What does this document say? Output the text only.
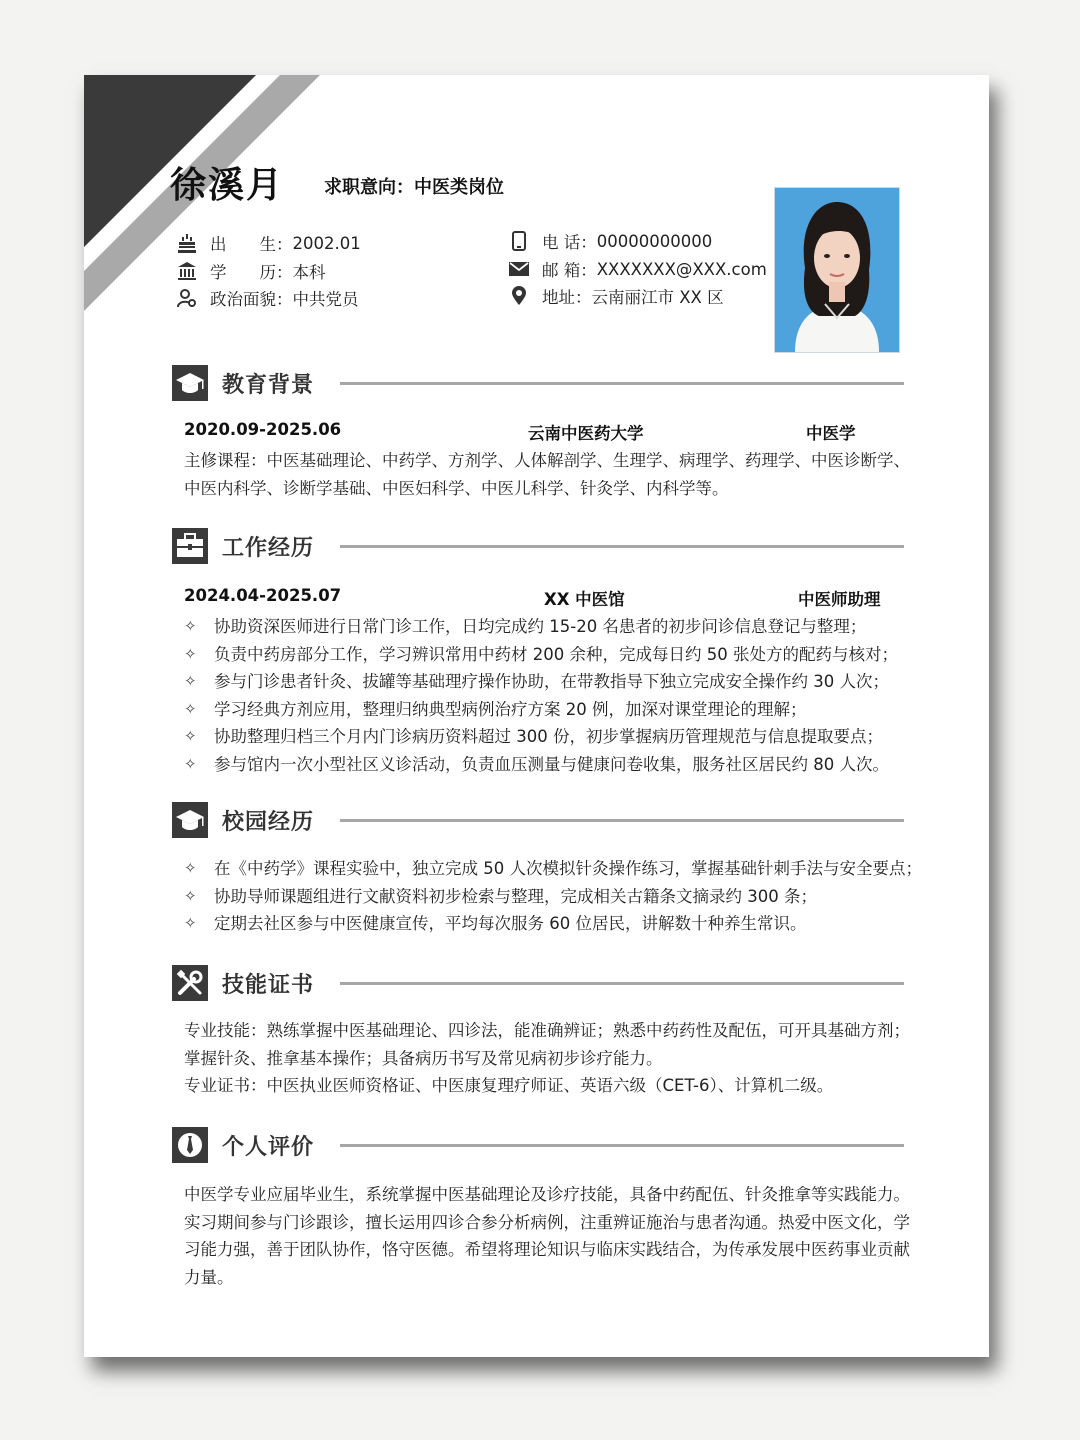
徐溪月 求职意向：中医类岗位
出　　生： 2002.01
学　　历： 本科
政治面貌： 中共党员
电 话： 00000000000
邮 箱： XXXXXXX@XXX.com
地址： 云南丽江市 XX 区
教育背景
2020.09-2025.06	云南中医药大学	中医学
主修课程：中医基础理论、中药学、方剂学、人体解剖学、生理学、病理学、药理学、中医诊断学、中医内科学、诊断学基础、中医妇科学、中医儿科学、针灸学、内科学等。
工作经历
2024.04-2025.07	XX 中医馆	中医师助理
✧	协助资深医师进行日常门诊工作，日均完成约 15-20 名患者的初步问诊信息登记与整理；
✧	负责中药房部分工作，学习辨识常用中药材 200 余种，完成每日约 50 张处方的配药与核对；
✧	参与门诊患者针灸、拔罐等基础理疗操作协助，在带教指导下独立完成安全操作约 30 人次；
✧	学习经典方剂应用，整理归纳典型病例治疗方案 20 例，加深对课堂理论的理解；
✧	协助整理归档三个月内门诊病历资料超过 300 份，初步掌握病历管理规范与信息提取要点；
✧	参与馆内一次小型社区义诊活动，负责血压测量与健康问卷收集，服务社区居民约 80 人次。
校园经历
✧	在《中药学》课程实验中，独立完成 50 人次模拟针灸操作练习，掌握基础针刺手法与安全要点；
✧	协助导师课题组进行文献资料初步检索与整理，完成相关古籍条文摘录约 300 条；
✧	定期去社区参与中医健康宣传，平均每次服务 60 位居民，讲解数十种养生常识。
技能证书
专业技能：熟练掌握中医基础理论、四诊法，能准确辨证；熟悉中药药性及配伍，可开具基础方剂；掌握针灸、推拿基本操作；具备病历书写及常见病初步诊疗能力。
专业证书：中医执业医师资格证、中医康复理疗师证、英语六级（CET-6）、计算机二级。
个人评价
中医学专业应届毕业生，系统掌握中医基础理论及诊疗技能，具备中药配伍、针灸推拿等实践能力。实习期间参与门诊跟诊，擅长运用四诊合参分析病例，注重辨证施治与患者沟通。热爱中医文化，学习能力强，善于团队协作，恪守医德。希望将理论知识与临床实践结合，为传承发展中医药事业贡献力量。
